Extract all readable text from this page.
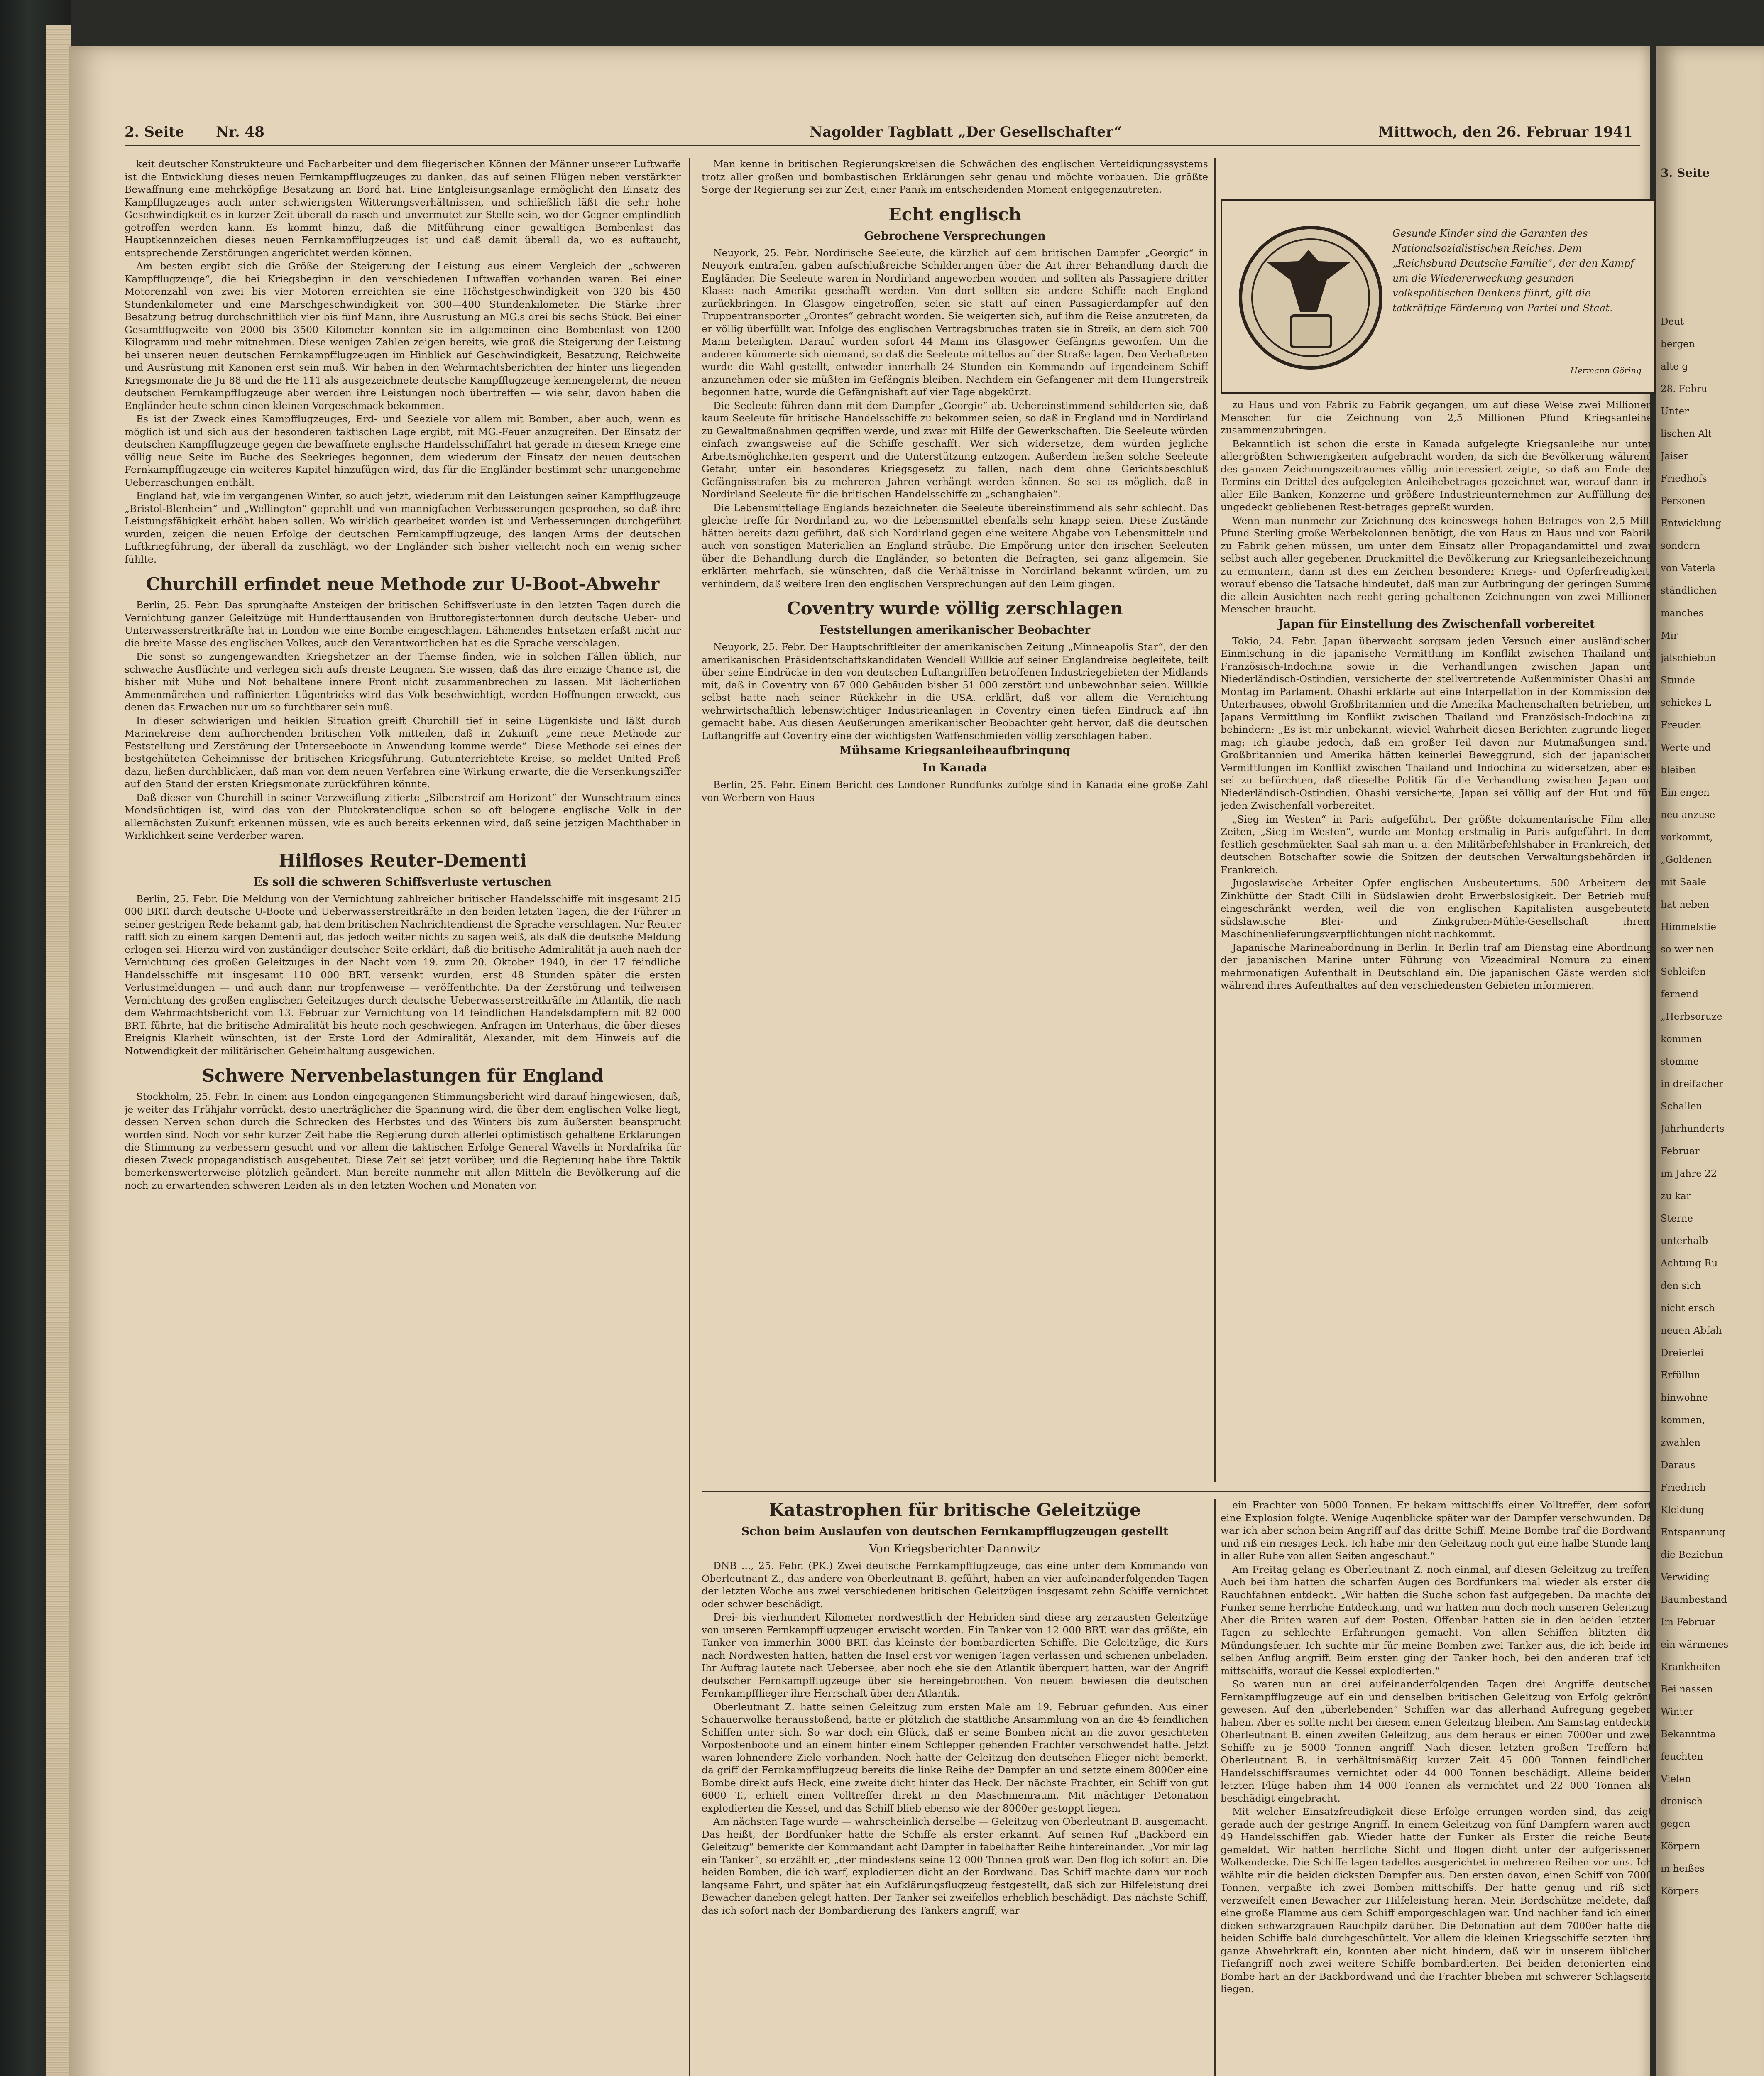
2. Seite Nr. 48	Nagolder Tagblatt „Der Gesellschafter“	Mittwoch, den 26. Februar 1941

keit deutscher Konstrukteure und Facharbeiter und dem fliegerischen Können der Männer unserer Luftwaffe ist die Entwicklung dieses neuen Fernkampfflugzeuges zu danken, das auf seinen Flügen neben verstärkter Bewaffnung eine mehrköpfige Besatzung an Bord hat. Eine Entgleisungsanlage ermöglicht den Einsatz des Kampfflugzeuges auch unter schwierigsten Witterungsverhältnissen, und schließlich läßt die sehr hohe Geschwindigkeit es in kurzer Zeit überall da rasch und unvermutet zur Stelle sein, wo der Gegner empfindlich getroffen werden kann. Es kommt hinzu, daß die Mitführung einer gewaltigen Bombenlast das Hauptkennzeichen dieses neuen Fernkampfflugzeuges ist und daß damit überall da, wo es auftaucht, entsprechende Zerstörungen angerichtet werden können.

Am besten ergibt sich die Größe der Steigerung der Leistung aus einem Vergleich der „schweren Kampfflugzeuge“, die bei Kriegsbeginn in den verschiedenen Luftwaffen vorhanden waren. Bei einer Motorenzahl von zwei bis vier Motoren erreichten sie eine Höchstgeschwindigkeit von 320 bis 450 Stundenkilometer und eine Marschgeschwindigkeit von 300—400 Stundenkilometer. Die Stärke ihrer Besatzung betrug durchschnittlich vier bis fünf Mann, ihre Ausrüstung an MG.s drei bis sechs Stück. Bei einer Gesamtflugweite von 2000 bis 3500 Kilometer konnten sie im allgemeinen eine Bombenlast von 1200 Kilogramm und mehr mitnehmen. Diese wenigen Zahlen zeigen bereits, wie groß die Steigerung der Leistung bei unseren neuen deutschen Fernkampfflugzeugen im Hinblick auf Geschwindigkeit, Besatzung, Reichweite und Ausrüstung mit Kanonen erst sein muß. Wir haben in den Wehrmachtsberichten der hinter uns liegenden Kriegsmonate die Ju 88 und die He 111 als ausgezeichnete deutsche Kampfflugzeuge kennengelernt, die neuen deutschen Fernkampfflugzeuge aber werden ihre Leistungen noch übertreffen — wie sehr, davon haben die Engländer heute schon einen kleinen Vorgeschmack bekommen.

Es ist der Zweck eines Kampfflugzeuges, Erd- und Seeziele vor allem mit Bomben, aber auch, wenn es möglich ist und sich aus der besonderen taktischen Lage ergibt, mit MG.-Feuer anzugreifen. Der Einsatz der deutschen Kampfflugzeuge gegen die bewaffnete englische Handelsschiffahrt hat gerade in diesem Kriege eine völlig neue Seite im Buche des Seekrieges begonnen, dem wiederum der Einsatz der neuen deutschen Fernkampfflugzeuge ein weiteres Kapitel hinzufügen wird, das für die Engländer bestimmt sehr unangenehme Ueberraschungen enthält.

England hat, wie im vergangenen Winter, so auch jetzt, wiederum mit den Leistungen seiner Kampfflugzeuge „Bristol-Blenheim“ und „Wellington“ geprahlt und von mannigfachen Verbesserungen gesprochen, so daß ihre Leistungsfähigkeit erhöht haben sollen. Wo wirklich gearbeitet worden ist und Verbesserungen durchgeführt wurden, zeigen die neuen Erfolge der deutschen Fernkampfflugzeuge, des langen Arms der deutschen Luftkriegführung, der überall da zuschlägt, wo der Engländer sich bisher vielleicht noch ein wenig sicher fühlte.

Churchill erfindet neue Methode zur U-Boot-Abwehr

Berlin, 25. Febr. Das sprunghafte Ansteigen der britischen Schiffsverluste in den letzten Tagen durch die Vernichtung ganzer Geleitzüge mit Hunderttausenden von Bruttoregistertonnen durch deutsche Ueber- und Unterwasserstreitkräfte hat in London wie eine Bombe eingeschlagen. Lähmendes Entsetzen erfaßt nicht nur die breite Masse des englischen Volkes, auch den Verantwortlichen hat es die Sprache verschlagen.

Die sonst so zungengewandten Kriegshetzer an der Themse finden, wie in solchen Fällen üblich, nur schwache Ausflüchte und verlegen sich aufs dreiste Leugnen. Sie wissen, daß das ihre einzige Chance ist, die bisher mit Mühe und Not behaltene innere Front nicht zusammenbrechen zu lassen. Mit lächerlichen Ammenmärchen und raffinierten Lügentricks wird das Volk beschwichtigt, werden Hoffnungen erweckt, aus denen das Erwachen nur um so furchtbarer sein muß.

In dieser schwierigen und heiklen Situation greift Churchill tief in seine Lügenkiste und läßt durch Marinekreise dem aufhorchenden britischen Volk mitteilen, daß in Zukunft „eine neue Methode zur Feststellung und Zerstörung der Unterseeboote in Anwendung komme werde“. Diese Methode sei eines der bestgehüteten Geheimnisse der britischen Kriegsführung. Gutunterrichtete Kreise, so meldet United Preß dazu, ließen durchblicken, daß man von dem neuen Verfahren eine Wirkung erwarte, die die Versenkungsziffer auf den Stand der ersten Kriegsmonate zurückführen könnte.

Daß dieser von Churchill in seiner Verzweiflung zitierte „Silberstreif am Horizont“ der Wunschtraum eines Mondsüchtigen ist, wird das von der Plutokratenclique schon so oft belogene englische Volk in der allernächsten Zukunft erkennen müssen, wie es auch bereits erkennen wird, daß seine jetzigen Machthaber in Wirklichkeit seine Verderber waren.

Hilfloses Reuter-Dementi
Es soll die schweren Schiffsverluste vertuschen

Berlin, 25. Febr. Die Meldung von der Vernichtung zahlreicher britischer Handelsschiffe mit insgesamt 215 000 BRT. durch deutsche U-Boote und Ueberwasserstreitkräfte in den beiden letzten Tagen, die der Führer in seiner gestrigen Rede bekannt gab, hat dem britischen Nachrichtendienst die Sprache verschlagen. Nur Reuter rafft sich zu einem kargen Dementi auf, das jedoch weiter nichts zu sagen weiß, als daß die deutsche Meldung erlogen sei. Hierzu wird von zuständiger deutscher Seite erklärt, daß die britische Admiralität ja auch nach der Vernichtung des großen Geleitzuges in der Nacht vom 19. zum 20. Oktober 1940, in der 17 feindliche Handelsschiffe mit insgesamt 110 000 BRT. versenkt wurden, erst 48 Stunden später die ersten Verlustmeldungen — und auch dann nur tropfenweise — veröffentlichte. Da der Zerstörung und teilweisen Vernichtung des großen englischen Geleitzuges durch deutsche Ueberwasserstreitkräfte im Atlantik, die nach dem Wehrmachtsbericht vom 13. Februar zur Vernichtung von 14 feindlichen Handelsdampfern mit 82 000 BRT. führte, hat die britische Admiralität bis heute noch geschwiegen. Anfragen im Unterhaus, die über dieses Ereignis Klarheit wünschten, ist der Erste Lord der Admiralität, Alexander, mit dem Hinweis auf die Notwendigkeit der militärischen Geheimhaltung ausgewichen.

Schwere Nervenbelastungen für England

Stockholm, 25. Febr. In einem aus London eingegangenen Stimmungsbericht wird darauf hingewiesen, daß, je weiter das Frühjahr vorrückt, desto unerträglicher die Spannung wird, die über dem englischen Volke liegt, dessen Nerven schon durch die Schrecken des Herbstes und des Winters bis zum äußersten beansprucht worden sind. Noch vor sehr kurzer Zeit habe die Regierung durch allerlei optimistisch gehaltene Erklärungen die Stimmung zu verbessern gesucht und vor allem die taktischen Erfolge General Wavells in Nordafrika für diesen Zweck propagandistisch ausgebeutet. Diese Zeit sei jetzt vorüber, und die Regierung habe ihre Taktik bemerkenswerterweise plötzlich geändert. Man bereite nunmehr mit allen Mitteln die Bevölkerung auf die noch zu erwartenden schweren Leiden als in den letzten Wochen und Monaten vor.

Man kenne in britischen Regierungskreisen die Schwächen des englischen Verteidigungssystems trotz aller großen und bombastischen Erklärungen sehr genau und möchte vorbauen. Die größte Sorge der Regierung sei zur Zeit, einer Panik im entscheidenden Moment entgegenzutreten.

Echt englisch
Gebrochene Versprechungen

Neuyork, 25. Febr. Nordirische Seeleute, die kürzlich auf dem britischen Dampfer „Georgic“ in Neuyork eintrafen, gaben aufschlußreiche Schilderungen über die Art ihrer Behandlung durch die Engländer. Die Seeleute waren in Nordirland angeworben worden und sollten als Passagiere dritter Klasse nach Amerika geschafft werden. Von dort sollten sie andere Schiffe nach England zurückbringen. In Glasgow eingetroffen, seien sie statt auf einen Passagierdampfer auf den Truppentransporter „Orontes“ gebracht worden. Sie weigerten sich, auf ihm die Reise anzutreten, da er völlig überfüllt war. Infolge des englischen Vertragsbruches traten sie in Streik, an dem sich 700 Mann beteiligten. Darauf wurden sofort 44 Mann ins Glasgower Gefängnis geworfen. Um die anderen kümmerte sich niemand, so daß die Seeleute mittellos auf der Straße lagen. Den Verhafteten wurde die Wahl gestellt, entweder innerhalb 24 Stunden ein Kommando auf irgendeinem Schiff anzunehmen oder sie müßten im Gefängnis bleiben. Nachdem ein Gefangener mit dem Hungerstreik begonnen hatte, wurde die Gefängnishaft auf vier Tage abgekürzt.

Die Seeleute führen dann mit dem Dampfer „Georgic“ ab. Uebereinstimmend schilderten sie, daß kaum Seeleute für britische Handelsschiffe zu bekommen seien, so daß in England und in Nordirland zu Gewaltmaßnahmen gegriffen werde, und zwar mit Hilfe der Gewerkschaften. Die Seeleute würden einfach zwangsweise auf die Schiffe geschafft. Wer sich widersetze, dem würden jegliche Arbeitsmöglichkeiten gesperrt und die Unterstützung entzogen. Außerdem ließen solche Seeleute Gefahr, unter ein besonderes Kriegsgesetz zu fallen, nach dem ohne Gerichtsbeschluß Gefängnisstrafen bis zu mehreren Jahren verhängt werden können. So sei es möglich, daß in Nordirland Seeleute für die britischen Handelsschiffe zu „schanghaien“.

Die Lebensmittellage Englands bezeichneten die Seeleute übereinstimmend als sehr schlecht. Das gleiche treffe für Nordirland zu, wo die Lebensmittel ebenfalls sehr knapp seien. Diese Zustände hätten bereits dazu geführt, daß sich Nordirland gegen eine weitere Abgabe von Lebensmitteln und auch von sonstigen Materialien an England sträube. Die Empörung unter den irischen Seeleuten über die Behandlung durch die Engländer, so betonten die Befragten, sei ganz allgemein. Sie erklärten mehrfach, sie wünschten, daß die Verhältnisse in Nordirland bekannt würden, um zu verhindern, daß weitere Iren den englischen Versprechungen auf den Leim gingen.

Coventry wurde völlig zerschlagen
Feststellungen amerikanischer Beobachter

Neuyork, 25. Febr. Der Hauptschriftleiter der amerikanischen Zeitung „Minneapolis Star“, der den amerikanischen Präsidentschaftskandidaten Wendell Willkie auf seiner Englandreise begleitete, teilt über seine Eindrücke in den von deutschen Luftangriffen betroffenen Industriegebieten der Midlands mit, daß in Coventry von 67 000 Gebäuden bisher 51 000 zerstört und unbewohnbar seien. Willkie selbst hatte nach seiner Rückkehr in die USA. erklärt, daß vor allem die Vernichtung wehrwirtschaftlich lebenswichtiger Industrieanlagen in Coventry einen tiefen Eindruck auf ihn gemacht habe. Aus diesen Aeußerungen amerikanischer Beobachter geht hervor, daß die deutschen Luftangriffe auf Coventry eine der wichtigsten Waffenschmieden völlig zerschlagen haben.

Mühsame Kriegsanleiheaufbringung
In Kanada

Berlin, 25. Febr. Einem Bericht des Londoner Rundfunks zufolge sind in Kanada eine große Zahl von Werbern von Haus

Gesunde Kinder sind die Garanten des Nationalsozialistischen Reiches. Dem „Reichsbund Deutsche Familie“, der den Kampf um die Wiedererweckung gesunden volkspolitischen Denkens führt, gilt die tatkräftige Förderung von Partei und Staat.
Hermann Göring

zu Haus und von Fabrik zu Fabrik gegangen, um auf diese Weise zwei Millionen Menschen für die Zeichnung von 2,5 Millionen Pfund Kriegsanleihe zusammenzubringen.

Bekanntlich ist schon die erste in Kanada aufgelegte Kriegsanleihe nur unter allergrößten Schwierigkeiten aufgebracht worden, da sich die Bevölkerung während des ganzen Zeichnungszeitraumes völlig uninteressiert zeigte, so daß am Ende des Termins ein Drittel des aufgelegten Anleihebetrages gezeichnet war, worauf dann in aller Eile Banken, Konzerne und größere Industrieunternehmen zur Auffüllung des ungedeckt gebliebenen Rest-betrages gepreßt wurden.

Wenn man nunmehr zur Zeichnung des keineswegs hohen Betrages von 2,5 Mill. Pfund Sterling große Werbekolonnen benötigt, die von Haus zu Haus und von Fabrik zu Fabrik gehen müssen, um unter dem Einsatz aller Propagandamittel und zwar selbst auch aller gegebenen Druckmittel die Bevölkerung zur Kriegsanleihezeichnung zu ermuntern, dann ist dies ein Zeichen besonderer Kriegs- und Opferfreudigkeit, worauf ebenso die Tatsache hindeutet, daß man zur Aufbringung der geringen Summe die allein Ausichten nach recht gering gehaltenen Zeichnungen von zwei Millionen Menschen braucht.

Japan für Einstellung des Zwischenfall vorbereitet

Tokio, 24. Febr. Japan überwacht sorgsam jeden Versuch einer ausländischen Einmischung in die japanische Vermittlung im Konflikt zwischen Thailand und Französisch-Indochina sowie in die Verhandlungen zwischen Japan und Niederländisch-Ostindien, versicherte der stellvertretende Außenminister Ohashi am Montag im Parlament. Ohashi erklärte auf eine Interpellation in der Kommission des Unterhauses, obwohl Großbritannien und die Amerika Machenschaften betrieben, um Japans Vermittlung im Konflikt zwischen Thailand und Französisch-Indochina zu behindern: „Es ist mir unbekannt, wieviel Wahrheit diesen Berichten zugrunde liegen mag; ich glaube jedoch, daß ein großer Teil davon nur Mutmaßungen sind.“ Großbritannien und Amerika hätten keinerlei Beweggrund, sich der japanischen Vermittlungen im Konflikt zwischen Thailand und Indochina zu widersetzen, aber es sei zu befürchten, daß dieselbe Politik für die Verhandlung zwischen Japan und Niederländisch-Ostindien. Ohashi versicherte, Japan sei völlig auf der Hut und für jeden Zwischenfall vorbereitet.

„Sieg im Westen“ in Paris aufgeführt. Der größte dokumentarische Film aller Zeiten, „Sieg im Westen“, wurde am Montag erstmalig in Paris aufgeführt. In dem festlich geschmückten Saal sah man u. a. den Militärbefehlshaber in Frankreich, den deutschen Botschafter sowie die Spitzen der deutschen Verwaltungsbehörden in Frankreich.

Jugoslawische Arbeiter Opfer englischen Ausbeutertums. 500 Arbeitern der Zinkhütte der Stadt Cilli in Südslawien droht Erwerbslosigkeit. Der Betrieb muß eingeschränkt werden, weil die von englischen Kapitalisten ausgebeutete südslawische Blei- und Zinkgruben-Mühle-Gesellschaft ihrem Maschinenlieferungsverpflichtungen nicht nachkommt.

Japanische Marineabordnung in Berlin. In Berlin traf am Dienstag eine Abordnung der japanischen Marine unter Führung von Vizeadmiral Nomura zu einem mehrmonatigen Aufenthalt in Deutschland ein. Die japanischen Gäste werden sich während ihres Aufenthaltes auf den verschiedensten Gebieten informieren.

Katastrophen für britische Geleitzüge
Schon beim Auslaufen von deutschen Fernkampfflugzeugen gestellt
Von Kriegsberichter Dannwitz

DNB ..., 25. Febr. (PK.) Zwei deutsche Fernkampfflugzeuge, das eine unter dem Kommando von Oberleutnant Z., das andere von Oberleutnant B. geführt, haben an vier aufeinanderfolgenden Tagen der letzten Woche aus zwei verschiedenen britischen Geleitzügen insgesamt zehn Schiffe vernichtet oder schwer beschädigt.

Drei- bis vierhundert Kilometer nordwestlich der Hebriden sind diese arg zerzausten Geleitzüge von unseren Fernkampfflugzeugen erwischt worden. Ein Tanker von 12 000 BRT. war das größte, ein Tanker von immerhin 3000 BRT. das kleinste der bombardierten Schiffe. Die Geleitzüge, die Kurs nach Nordwesten hatten, hatten die Insel erst vor wenigen Tagen verlassen und schienen unbeladen. Ihr Auftrag lautete nach Uebersee, aber noch ehe sie den Atlantik überquert hatten, war der Angriff deutscher Fernkampfflugzeuge über sie hereingebrochen. Von neuem bewiesen die deutschen Fernkampfflieger ihre Herrschaft über den Atlantik.

Oberleutnant Z. hatte seinen Geleitzug zum ersten Male am 19. Februar gefunden. Aus einer Schauerwolke herausstoßend, hatte er plötzlich die stattliche Ansammlung von an die 45 feindlichen Schiffen unter sich. So war doch ein Glück, daß er seine Bomben nicht an die zuvor gesichteten Vorpostenboote und an einem hinter einem Schlepper gehenden Frachter verschwendet hatte. Jetzt waren lohnendere Ziele vorhanden. Noch hatte der Geleitzug den deutschen Flieger nicht bemerkt, da griff der Fernkampfflugzeug bereits die linke Reihe der Dampfer an und setzte einem 8000er eine Bombe direkt aufs Heck, eine zweite dicht hinter das Heck. Der nächste Frachter, ein Schiff von gut 6000 T., erhielt einen Volltreffer direkt in den Maschinenraum. Mit mächtiger Detonation explodierten die Kessel, und das Schiff blieb ebenso wie der 8000er gestoppt liegen.

Am nächsten Tage wurde — wahrscheinlich derselbe — Geleitzug von Oberleutnant B. ausgemacht. Das heißt, der Bordfunker hatte die Schiffe als erster erkannt. Auf seinen Ruf „Backbord ein Geleitzug“ bemerkte der Kommandant acht Dampfer in fabelhafter Reihe hintereinander. „Vor mir lag ein Tanker“, so erzählt er, „der mindestens seine 12 000 Tonnen groß war. Den flog ich sofort an. Die beiden Bomben, die ich warf, explodierten dicht an der Bordwand. Das Schiff machte dann nur noch langsame Fahrt, und später hat ein Aufklärungsflugzeug festgestellt, daß sich zur Hilfeleistung drei Bewacher daneben gelegt hatten. Der Tanker sei zweifellos erheblich beschädigt. Das nächste Schiff, das ich sofort nach der Bombardierung des Tankers angriff, war

ein Frachter von 5000 Tonnen. Er bekam mittschiffs einen Volltreffer, dem sofort eine Explosion folgte. Wenige Augenblicke später war der Dampfer verschwunden. Da war ich aber schon beim Angriff auf das dritte Schiff. Meine Bombe traf die Bordwand und riß ein riesiges Leck. Ich habe mir den Geleitzug noch gut eine halbe Stunde lang in aller Ruhe von allen Seiten angeschaut.“

Am Freitag gelang es Oberleutnant Z. noch einmal, auf diesen Geleitzug zu treffen. Auch bei ihm hatten die scharfen Augen des Bordfunkers mal wieder als erster die Rauchfahnen entdeckt. „Wir hatten die Suche schon fast aufgegeben. Da machte der Funker seine herrliche Entdeckung, und wir hatten nun doch noch unseren Geleitzug. Aber die Briten waren auf dem Posten. Offenbar hatten sie in den beiden letzten Tagen zu schlechte Erfahrungen gemacht. Von allen Schiffen blitzten die Mündungsfeuer. Ich suchte mir für meine Bomben zwei Tanker aus, die ich beide im selben Anflug angriff. Beim ersten ging der Tanker hoch, bei den anderen traf ich mittschiffs, worauf die Kessel explodierten.“

So waren nun an drei aufeinanderfolgenden Tagen drei Angriffe deutscher Fernkampfflugzeuge auf ein und denselben britischen Geleitzug von Erfolg gekrönt gewesen. Auf den „überlebenden“ Schiffen war das allerhand Aufregung gegeben haben. Aber es sollte nicht bei diesem einen Geleitzug bleiben. Am Samstag entdeckte Oberleutnant B. einen zweiten Geleitzug, aus dem heraus er einen 7000er und zwei Schiffe zu je 5000 Tonnen angriff. Nach diesen letzten großen Treffern hat Oberleutnant B. in verhältnismäßig kurzer Zeit 45 000 Tonnen feindlichen Handelsschiffsraumes vernichtet oder 44 000 Tonnen beschädigt. Alleine beiden letzten Flüge haben ihm 14 000 Tonnen als vernichtet und 22 000 Tonnen als beschädigt eingebracht.

Mit welcher Einsatzfreudigkeit diese Erfolge errungen worden sind, das zeigt gerade auch der gestrige Angriff. In einem Geleitzug von fünf Dampfern waren auch 49 Handelsschiffen gab. Wieder hatte der Funker als Erster die reiche Beute gemeldet. Wir hatten herrliche Sicht und flogen dicht unter der aufgerissenen Wolkendecke. Die Schiffe lagen tadellos ausgerichtet in mehreren Reihen vor uns. Ich wählte mir die beiden dicksten Dampfer aus. Den ersten davon, einen Schiff von 7000 Tonnen, verpaßte ich zwei Bomben mittschiffs. Der hatte genug und riß sich verzweifelt einen Bewacher zur Hilfeleistung heran. Mein Bordschütze meldete, daß eine große Flamme aus dem Schiff emporgeschlagen war. Und nachher fand ich einen dicken schwarzgrauen Rauchpilz darüber. Die Detonation auf dem 7000er hatte die beiden Schiffe bald durchgeschüttelt. Vor allem die kleinen Kriegsschiffe setzten ihre ganze Abwehrkraft ein, konnten aber nicht hindern, daß wir in unserem üblichen Tiefangriff noch zwei weitere Schiffe bombardierten. Bei beiden detonierten eine Bombe hart an der Backbordwand und die Frachter blieben mit schwerer Schlagseite liegen.

3. Seite

Deut

bergen

alte g

28. Febru

Unter

lischen Alt

Jaiser

Friedhofs

Personen

Entwicklung

sondern

von Vaterla

ständlichen

manches

Mir

jalschiebun

Stunde

schickes L

Freuden

Werte und

bleiben

Ein engen

neu anzuse

vorkommt,

„Goldenen

mit Saale

hat neben

Himmelstie

so wer nen

Schleifen

fernend

„Herbsoruze

kommen

stomme

in dreifacher

Schallen

Jahrhunderts

Februar

im Jahre 22

zu kar

Sterne

unterhalb

Achtung Ru

den sich

nicht ersch

neuen Abfah

Dreierlei

Erfüllun

hinwohne

kommen,

zwahlen

Daraus

Friedrich

Kleidung

Entspannung

die Bezichun

Verwiding

Baumbestand

Im Februar

ein wärmenes

Krankheiten

Bei nassen

Winter

Bekanntma

feuchten

Vielen

dronisch

gegen

Körpern

in heißes

Körpers
